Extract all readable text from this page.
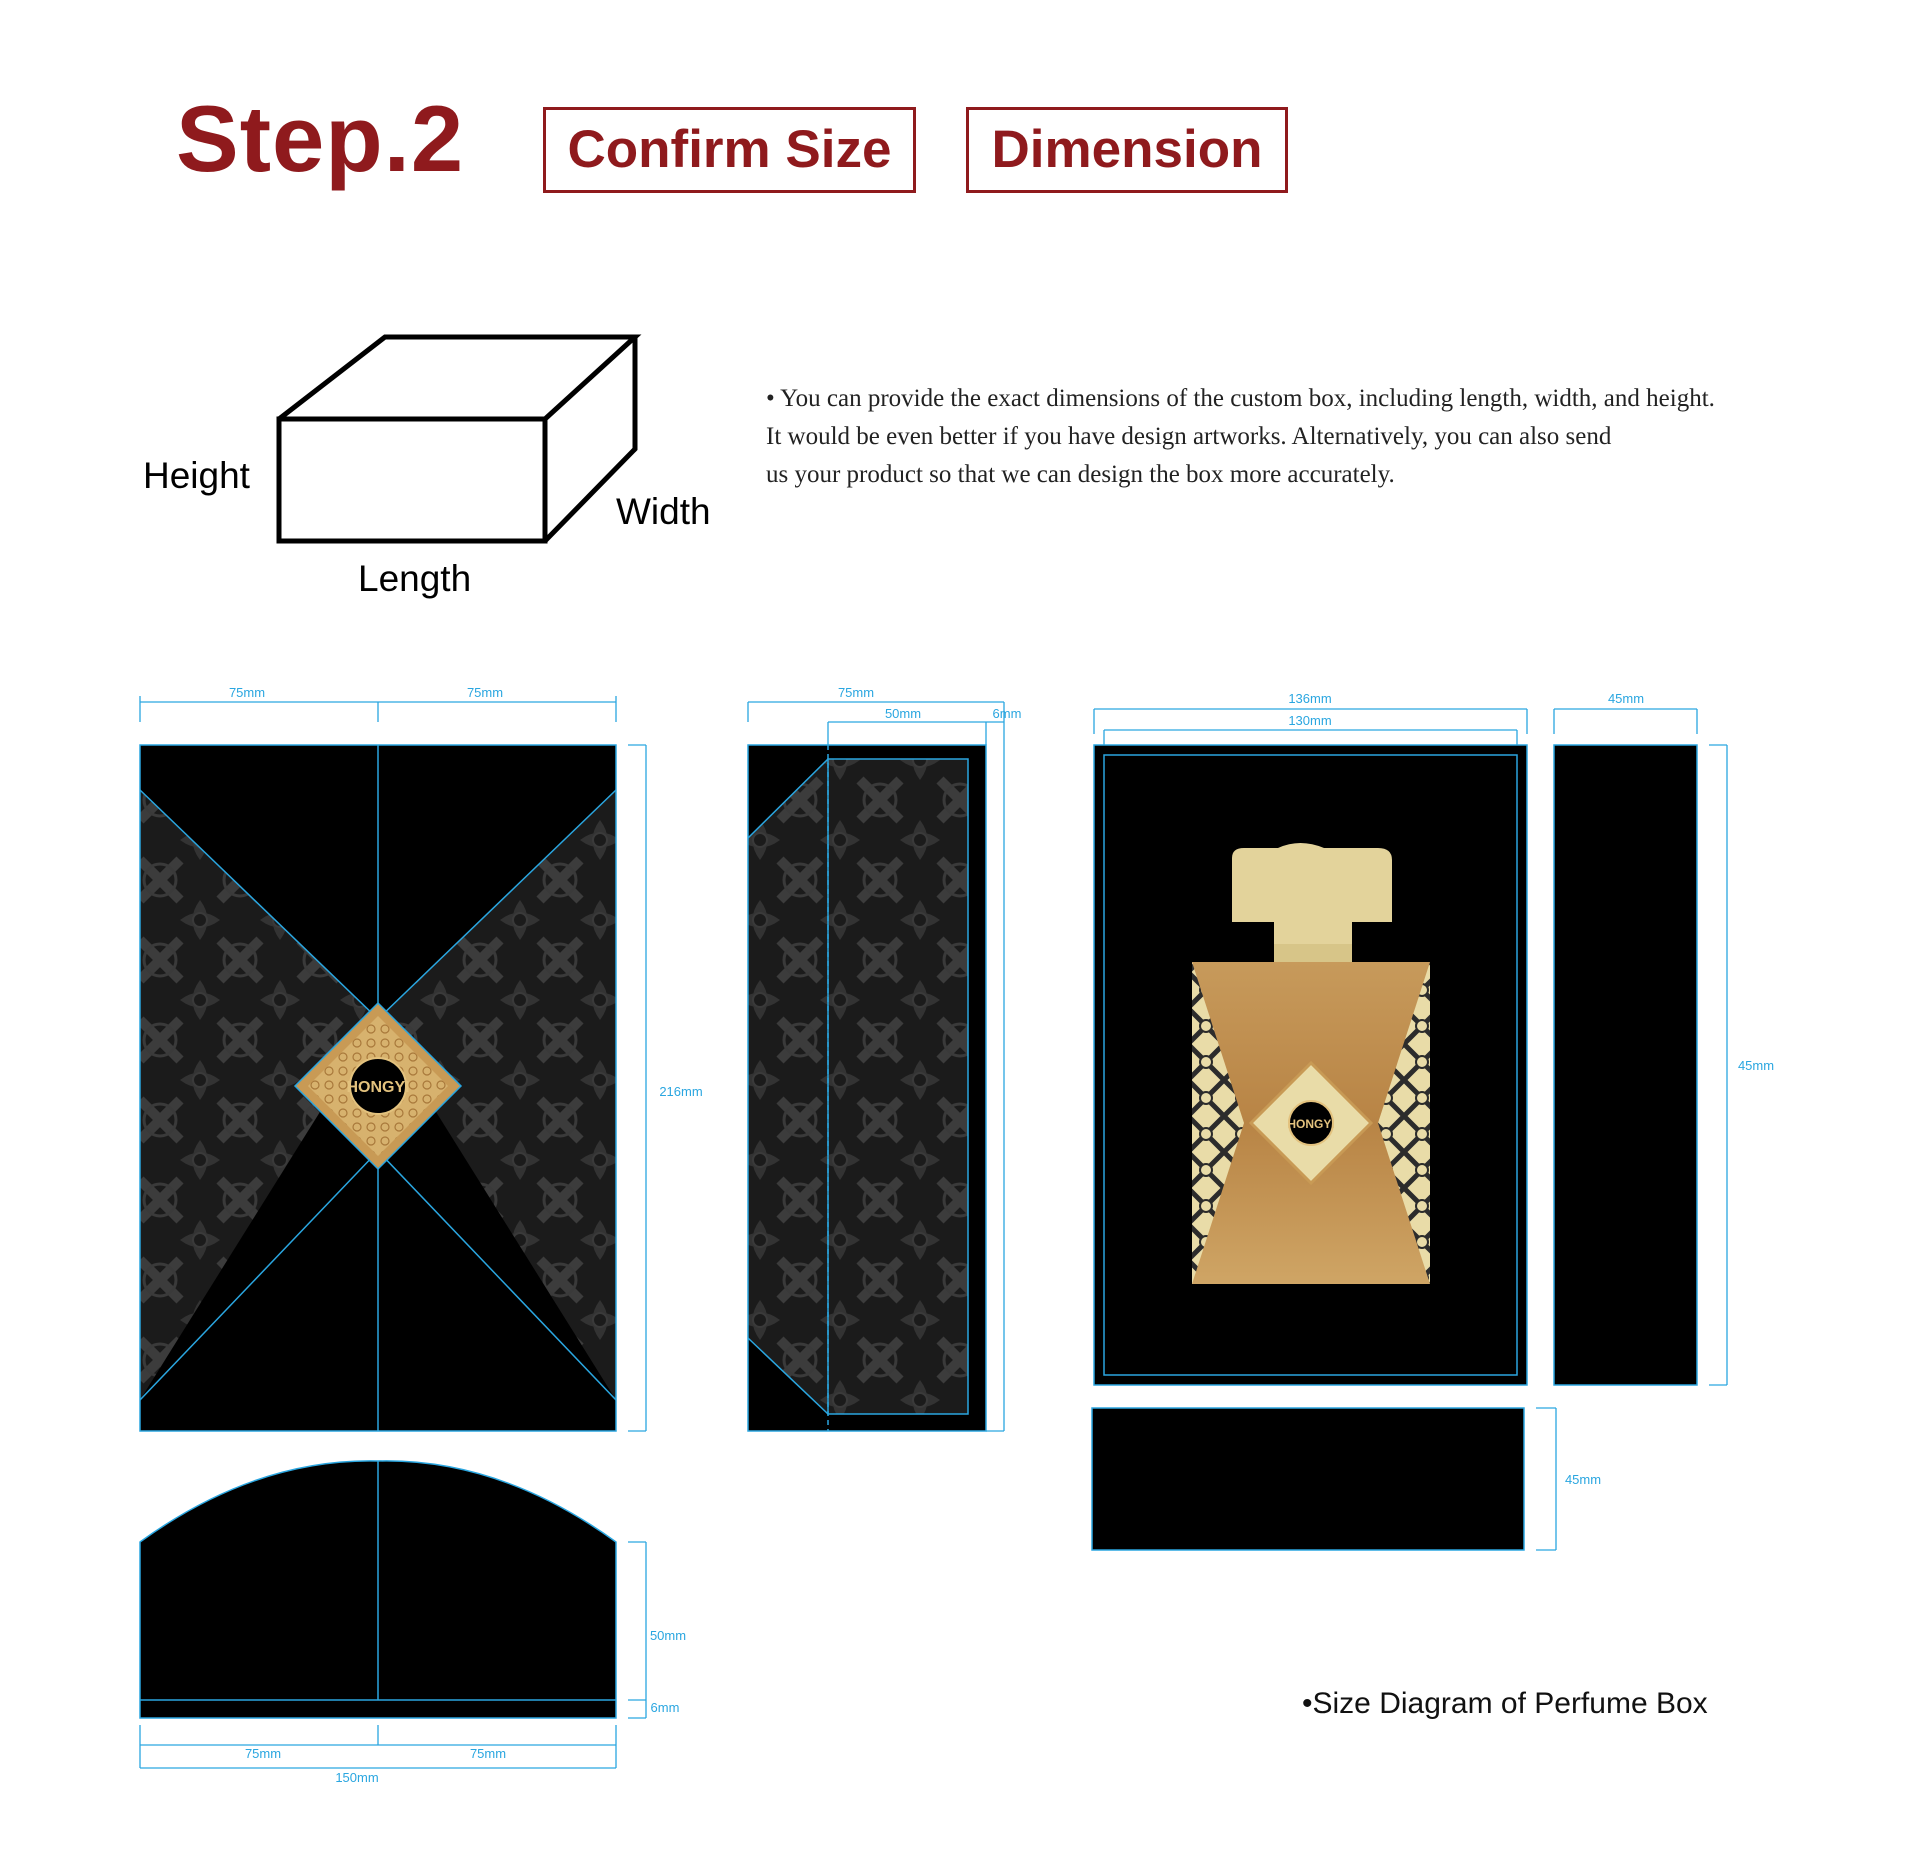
Step.2	Confirm Size	Dimension
Height
Width
Length
• You can provide the exact dimensions of the custom box, including length, width, and height.
It would be even better if you have design artworks. Alternatively, you can also send
us your product so that we can design the box more accurately.
HONGYI
75mm	75mm
216mm
50mm
6mm
75mm	75mm
150mm
75mm
50mm	6mm
HONGYI
136mm
130mm
45mm
45mm
45mm
•Size Diagram of Perfume Box
